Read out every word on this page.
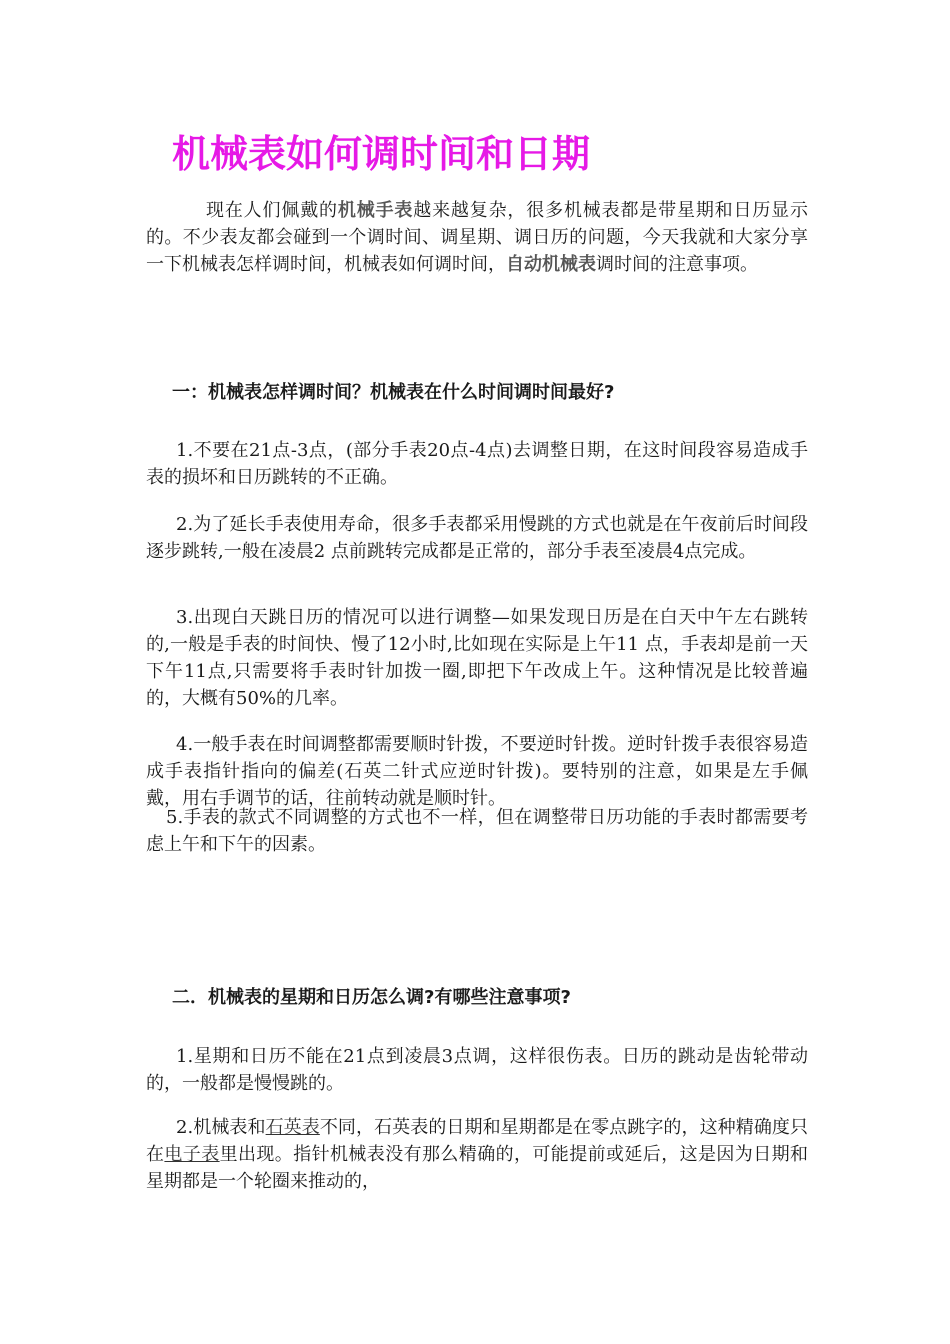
机械表如何调时间和日期

现在人们佩戴的机械手表越来越复杂，很多机械表都是带星期和日历显示的。不少表友都会碰到一个调时间、调星期、调日历的问题，今天我就和大家分享一下机械表怎样调时间，机械表如何调时间，自动机械表调时间的注意事项。

一：机械表怎样调时间？机械表在什么时间调时间最好?

1.不要在21点-3点，(部分手表20点-4点)去调整日期，在这时间段容易造成手表的损坏和日历跳转的不正确。

2.为了延长手表使用寿命，很多手表都采用慢跳的方式也就是在午夜前后时间段逐步跳转,一般在凌晨2 点前跳转完成都是正常的，部分手表至凌晨4点完成。

3.出现白天跳日历的情况可以进行调整—如果发现日历是在白天中午左右跳转的,一般是手表的时间快、慢了12小时,比如现在实际是上午11 点，手表却是前一天下午11点,只需要将手表时针加拨一圈,即把下午改成上午。这种情况是比较普遍的，大概有50%的几率。

4.一般手表在时间调整都需要顺时针拨，不要逆时针拨。逆时针拨手表很容易造成手表指针指向的偏差(石英二针式应逆时针拨)。要特别的注意，如果是左手佩戴，用右手调节的话，往前转动就是顺时针。

5.手表的款式不同调整的方式也不一样，但在调整带日历功能的手表时都需要考虑上午和下午的因素。

二．机械表的星期和日历怎么调?有哪些注意事项?

1.星期和日历不能在21点到凌晨3点调，这样很伤表。日历的跳动是齿轮带动的，一般都是慢慢跳的。

2.机械表和石英表不同，石英表的日期和星期都是在零点跳字的，这种精确度只在电子表里出现。指针机械表没有那么精确的，可能提前或延后，这是因为日期和星期都是一个轮圈来推动的，
